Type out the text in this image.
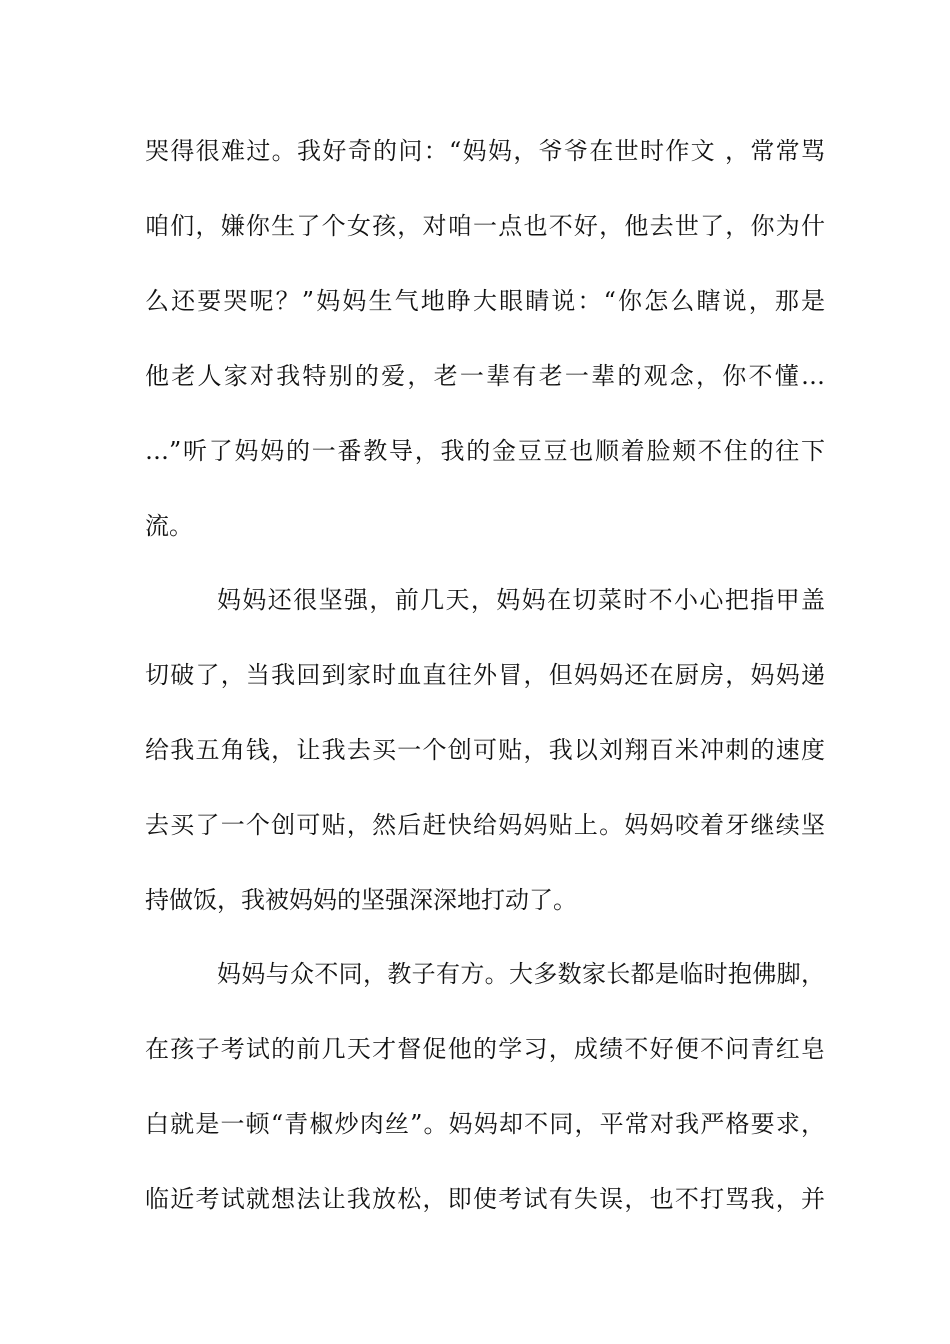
哭得很难过。我好奇的问：“妈妈，爷爷在世时作文 ，常常骂
咱们，嫌你生了个女孩，对咱一点也不好，他去世了，你为什
么还要哭呢？”妈妈生气地睁大眼睛说：“你怎么瞎说，那是
他老人家对我特别的爱，老一辈有老一辈的观念，你不懂…
…”听了妈妈的一番教导，我的金豆豆也顺着脸颊不住的往下
流。
妈妈还很坚强，前几天，妈妈在切菜时不小心把指甲盖
切破了，当我回到家时血直往外冒，但妈妈还在厨房，妈妈递
给我五角钱，让我去买一个创可贴，我以刘翔百米冲刺的速度
去买了一个创可贴，然后赶快给妈妈贴上。妈妈咬着牙继续坚
持做饭，我被妈妈的坚强深深地打动了。
妈妈与众不同，教子有方。大多数家长都是临时抱佛脚，
在孩子考试的前几天才督促他的学习，成绩不好便不问青红皂
白就是一顿“青椒炒肉丝”。妈妈却不同，平常对我严格要求，
临近考试就想法让我放松，即使考试有失误，也不打骂我，并
